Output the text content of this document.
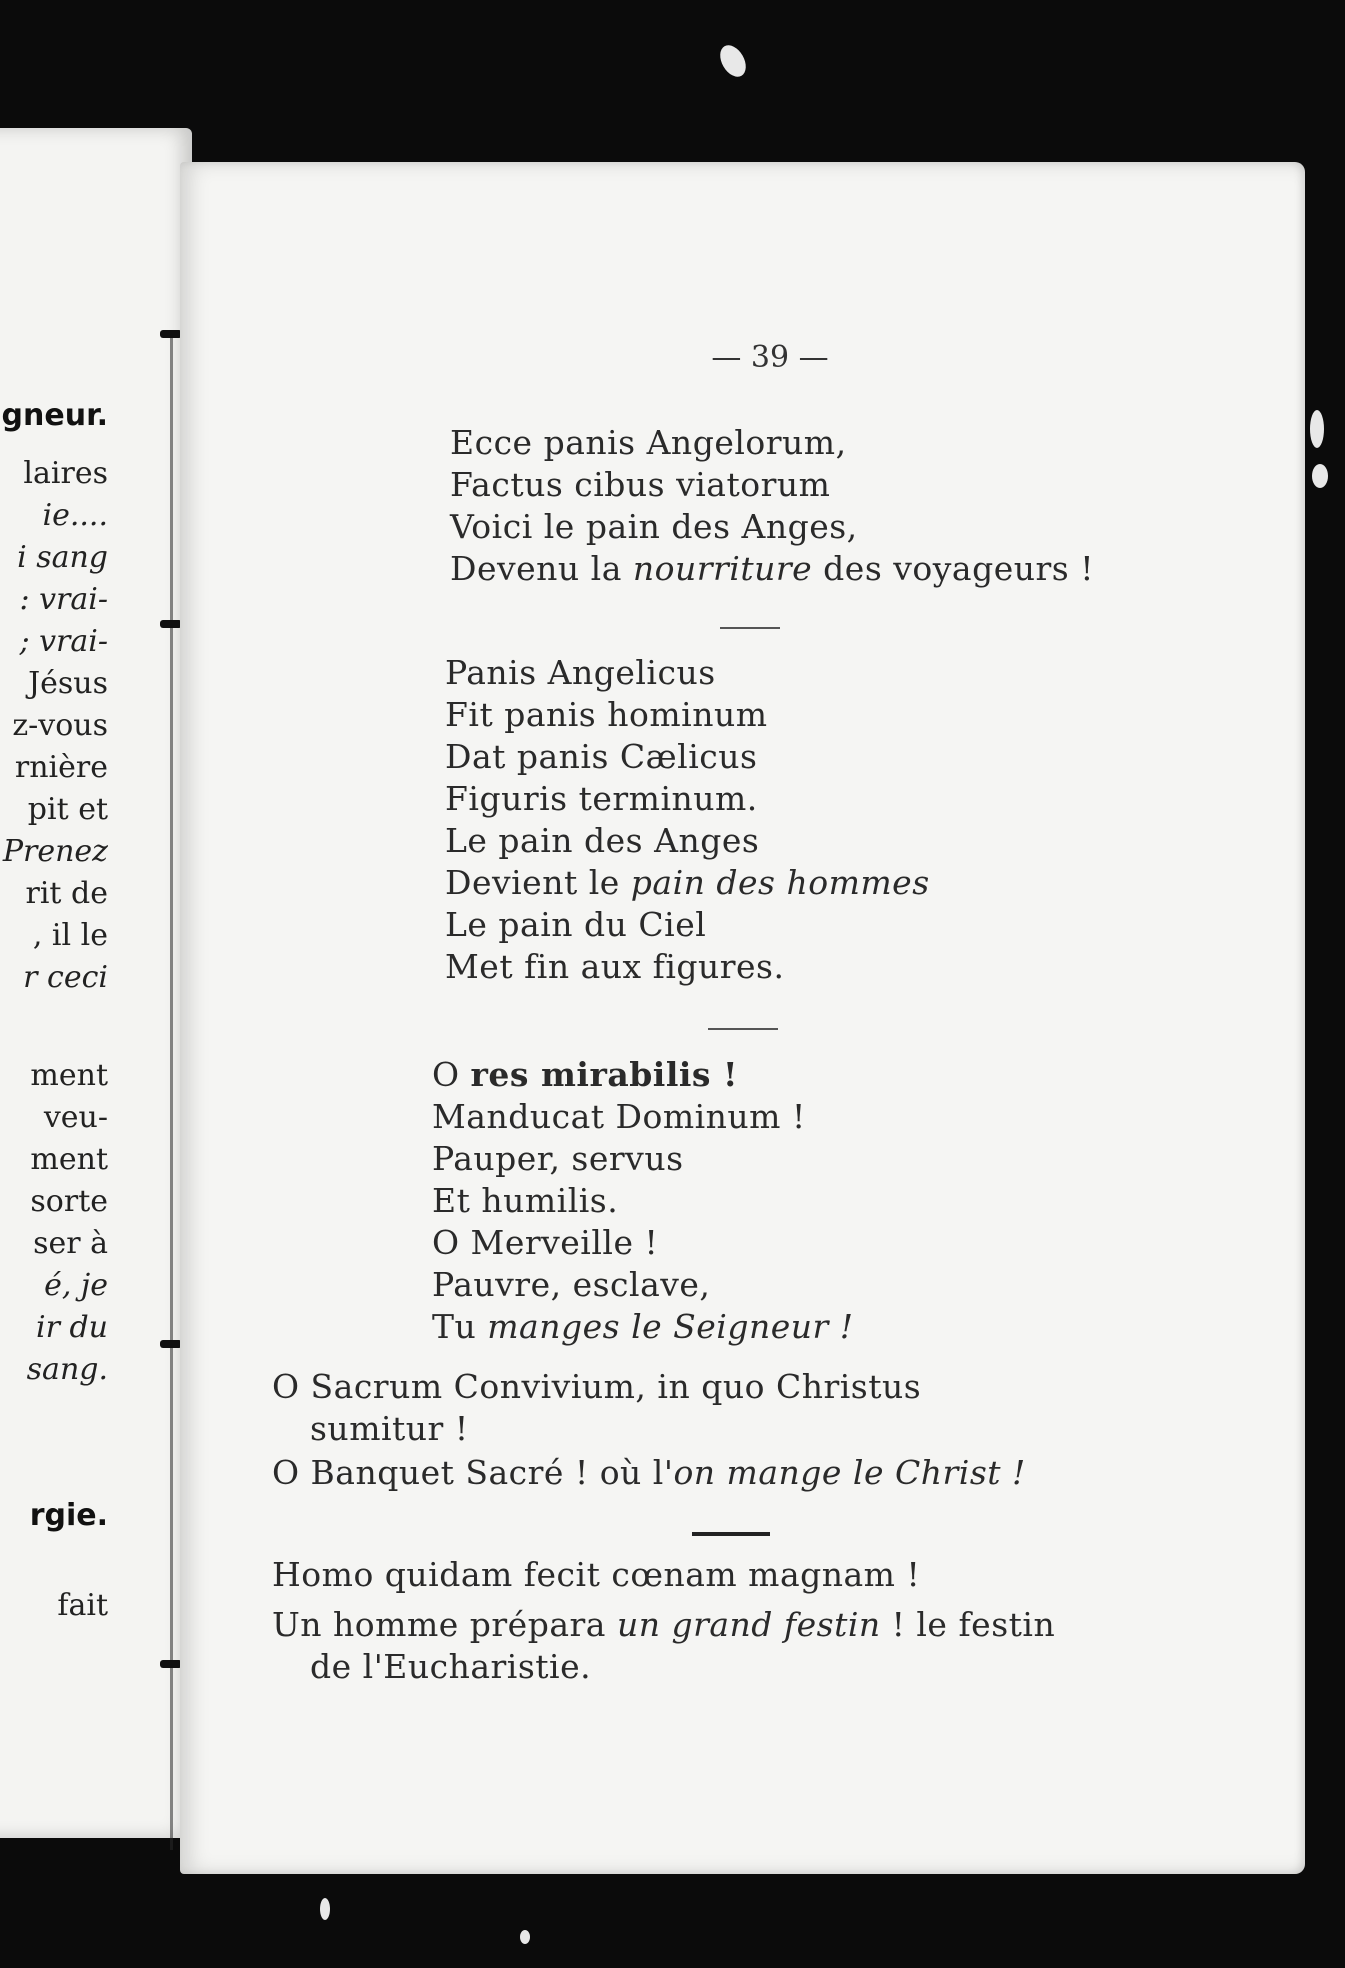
gneur.
laires
ie....
i sang
: vrai-
; vrai-
Jésus
z-vous
rnière
pit et
Prenez
rit de
, il le
r ceci
ment
veu-
ment
sorte
ser à
é, je
ir du
sang.
rgie.
fait
— 39 —
Ecce panis Angelorum,
Factus cibus viatorum
Voici le pain des Anges,
Devenu la nourriture des voyageurs !
Panis Angelicus
Fit panis hominum
Dat panis Cælicus
Figuris terminum.
Le pain des Anges
Devient le pain des hommes
Le pain du Ciel
Met fin aux figures.
O res mirabilis !
Manducat Dominum !
Pauper, servus
Et humilis.
O Merveille !
Pauvre, esclave,
Tu manges le Seigneur !
O Sacrum Convivium, in quo Christus sumitur !
O Banquet Sacré ! où l'on mange le Christ !
Homo quidam fecit cœnam magnam !
Un homme prépara un grand festin ! le festin de l'Eucharistie.
